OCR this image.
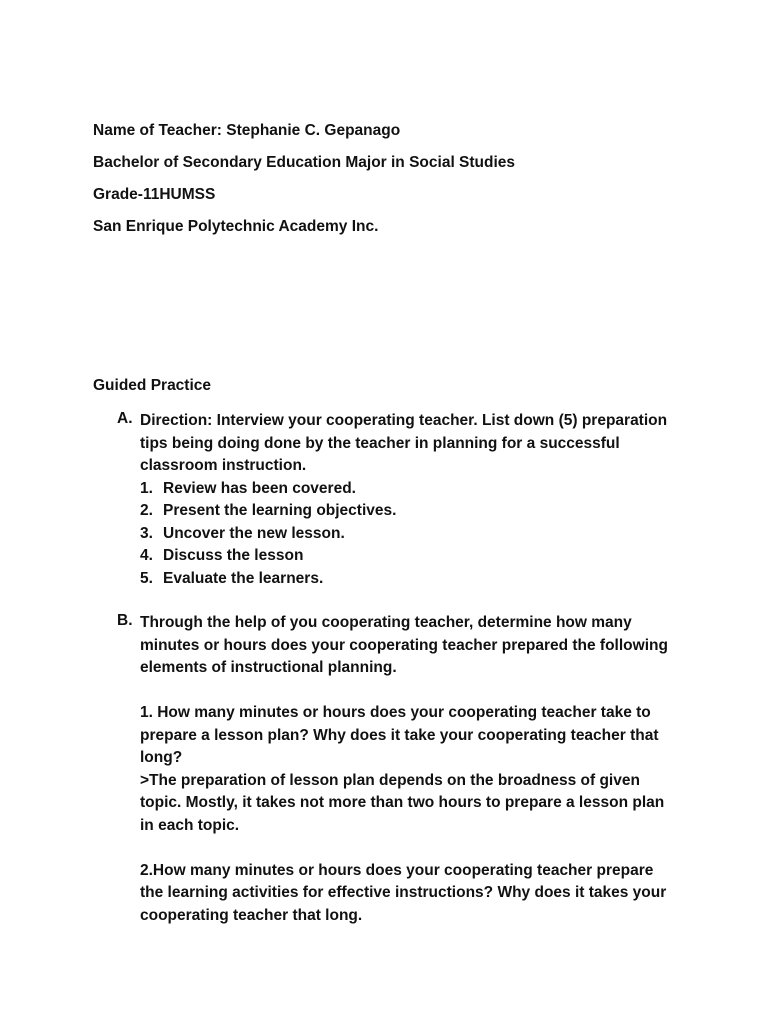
Name of Teacher: Stephanie C. Gepanago

Bachelor of Secondary Education Major in Social Studies

Grade-11HUMSS

San Enrique Polytechnic Academy Inc.

Guided Practice

A. Direction: Interview your cooperating teacher. List down (5) preparation tips being doing done by the teacher in planning for a successful classroom instruction.

1. Review has been covered.
2. Present the learning objectives.
3. Uncover the new lesson.
4. Discuss the lesson
5. Evaluate the learners.
B. Through the help of you cooperating teacher, determine how many minutes or hours does your cooperating teacher prepared the following elements of instructional planning.

1. How many minutes or hours does your cooperating teacher take to prepare a lesson plan? Why does it take your cooperating teacher that long?

>The preparation of lesson plan depends on the broadness of given topic. Mostly, it takes not more than two hours to prepare a lesson plan in each topic.

2.How many minutes or hours does your cooperating teacher prepare the learning activities for effective instructions? Why does it takes your cooperating teacher that long.
